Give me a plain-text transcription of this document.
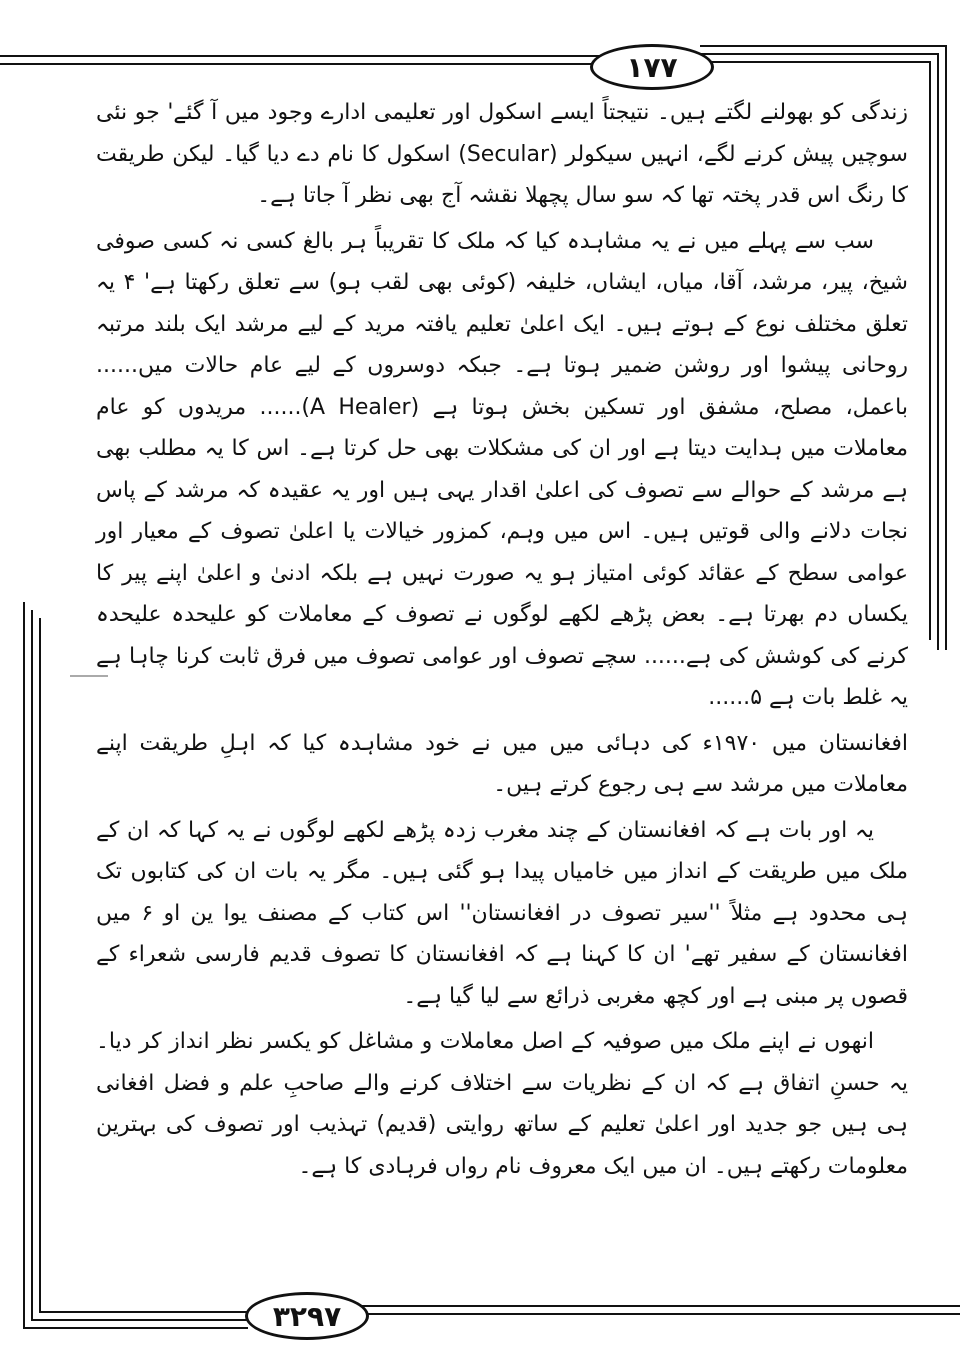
١٧٧

زندگی کو بھولنے لگتے ہیں۔ نتیجتاً ایسے اسکول اور تعلیمی ادارے وجود میں آ گئے' جو نئی سوچیں پیش کرنے لگے، انہیں سیکولر (Secular) اسکول کا نام دے دیا گیا۔ لیکن طریقت کا رنگ اس قدر پختہ تھا کہ سو سال پچھلا نقشہ آج بھی نظر آ جاتا ہے۔

سب سے پہلے میں نے یہ مشاہدہ کیا کہ ملک کا تقریباً ہر بالغ کسی نہ کسی صوفی شیخ، پیر، مرشد، آقا، میاں، ایشاں، خلیفہ (کوئی بھی لقب ہو) سے تعلق رکھتا ہے' ۴ یہ تعلق مختلف نوع کے ہوتے ہیں۔ ایک اعلیٰ تعلیم یافتہ مرید کے لیے مرشد ایک بلند مرتبہ روحانی پیشوا اور روشن ضمیر ہوتا ہے۔ جبکہ دوسروں کے لیے عام حالات میں...... باعمل، مصلح، مشفق اور تسکین بخش ہوتا ہے (A Healer)...... مریدوں کو عام معاملات میں ہدایت دیتا ہے اور ان کی مشکلات بھی حل کرتا ہے۔ اس کا یہ مطلب بھی ہے مرشد کے حوالے سے تصوف کی اعلیٰ اقدار یہی ہیں اور یہ عقیدہ کہ مرشد کے پاس نجات دلانے والی قوتیں ہیں۔ اس میں وہم، کمزور خیالات یا اعلیٰ تصوف کے معیار اور عوامی سطح کے عقائد کوئی امتیاز ہو یہ صورت نہیں ہے بلکہ ادنیٰ و اعلیٰ اپنے پیر کا یکساں دم بھرتا ہے۔ بعض پڑھے لکھے لوگوں نے تصوف کے معاملات کو علیحدہ علیحدہ کرنے کی کوشش کی ہے...... سچے تصوف اور عوامی تصوف میں فرق ثابت کرنا چاہا ہے یہ غلط بات ہے ۵......

افغانستان میں ۱۹۷۰ء کی دہائی میں میں نے خود مشاہدہ کیا کہ اہلِ طریقت اپنے معاملات میں مرشد سے ہی رجوع کرتے ہیں۔

یہ اور بات ہے کہ افغانستان کے چند مغرب زدہ پڑھے لکھے لوگوں نے یہ کہا کہ ان کے ملک میں طریقت کے انداز میں خامیاں پیدا ہو گئی ہیں۔ مگر یہ بات ان کی کتابوں تک ہی محدود ہے مثلاً ''سیر تصوف در افغانستان'' اس کتاب کے مصنف یوا ین او ۶ میں افغانستان کے سفیر تھے' ان کا کہنا ہے کہ افغانستان کا تصوف قدیم فارسی شعراء کے قصوں پر مبنی ہے اور کچھ مغربی ذرائع سے لیا گیا ہے۔

انھوں نے اپنے ملک میں صوفیہ کے اصل معاملات و مشاغل کو یکسر نظر انداز کر دیا۔ یہ حسنِ اتفاق ہے کہ ان کے نظریات سے اختلاف کرنے والے صاحبِ علم و فضل افغانی ہی ہیں جو جدید اور اعلیٰ تعلیم کے ساتھ روایتی (قدیم) تہذیب اور تصوف کی بہترین معلومات رکھتے ہیں۔ ان میں ایک معروف نام رواں فرہادی کا ہے۔

٣٢٩٧
